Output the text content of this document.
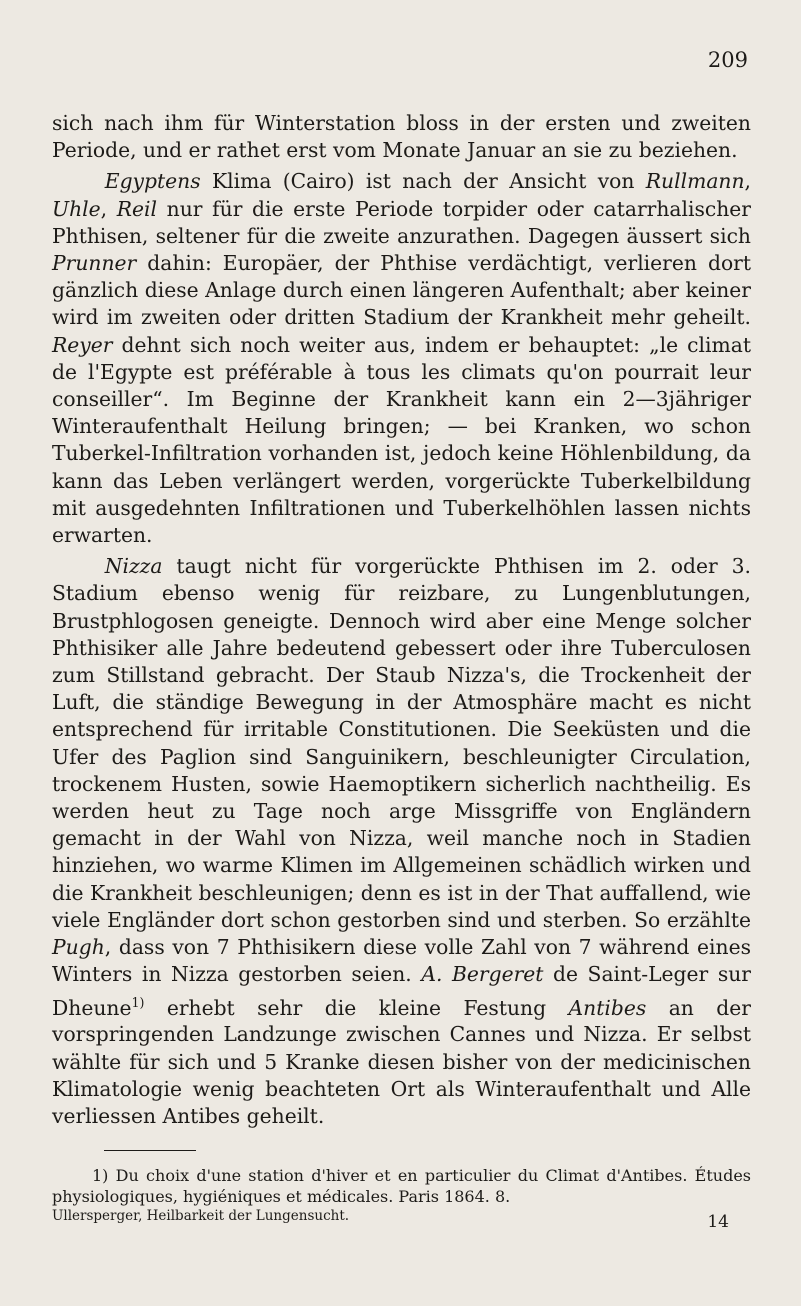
209

sich nach ihm für Winterstation bloss in der ersten und zweiten Periode, und er rathet erst vom Monate Januar an sie zu beziehen.

Egyptens Klima (Cairo) ist nach der Ansicht von Rullmann, Uhle, Reil nur für die erste Periode torpider oder catarrhalischer Phthisen, seltener für die zweite anzurathen. Dagegen äussert sich Prunner dahin: Europäer, der Phthise verdächtigt, verlieren dort gänzlich diese Anlage durch einen längeren Aufenthalt; aber keiner wird im zweiten oder dritten Stadium der Krankheit mehr geheilt. Reyer dehnt sich noch weiter aus, indem er behauptet: „le climat de l'Egypte est préférable à tous les climats qu'on pourrait leur conseiller“. Im Beginne der Krankheit kann ein 2—3jähriger Winteraufenthalt Heilung bringen; — bei Kranken, wo schon Tuberkel-Infiltration vorhanden ist, jedoch keine Höhlenbildung, da kann das Leben verlängert werden, vorgerückte Tuberkelbildung mit ausgedehnten Infiltrationen und Tuberkelhöhlen lassen nichts erwarten.

Nizza taugt nicht für vorgerückte Phthisen im 2. oder 3. Stadium ebenso wenig für reizbare, zu Lungenblutungen, Brustphlogosen geneigte. Dennoch wird aber eine Menge solcher Phthisiker alle Jahre bedeutend gebessert oder ihre Tuberculosen zum Stillstand gebracht. Der Staub Nizza's, die Trockenheit der Luft, die ständige Bewegung in der Atmosphäre macht es nicht entsprechend für irritable Constitutionen. Die Seeküsten und die Ufer des Paglion sind Sanguinikern, beschleunigter Circulation, trockenem Husten, sowie Haemoptikern sicherlich nachtheilig. Es werden heut zu Tage noch arge Missgriffe von Engländern gemacht in der Wahl von Nizza, weil manche noch in Stadien hinziehen, wo warme Klimen im Allgemeinen schädlich wirken und die Krankheit beschleunigen; denn es ist in der That auffallend, wie viele Engländer dort schon gestorben sind und sterben. So erzählte Pugh, dass von 7 Phthisikern diese volle Zahl von 7 während eines Winters in Nizza gestorben seien. A. Bergeret de Saint-Leger sur Dheune$^{1)}$ erhebt sehr die kleine Festung Antibes an der vorspringenden Landzunge zwischen Cannes und Nizza. Er selbst wählte für sich und 5 Kranke diesen bisher von der medicinischen Klimatologie wenig beachteten Ort als Winteraufenthalt und Alle verliessen Antibes geheilt.

1) Du choix d'une station d'hiver et en particulier du Climat d'Antibes. Études physiologiques, hygiéniques et médicales. Paris 1864. 8.

Ullersperger, Heilbarkeit der Lungensucht.	14
